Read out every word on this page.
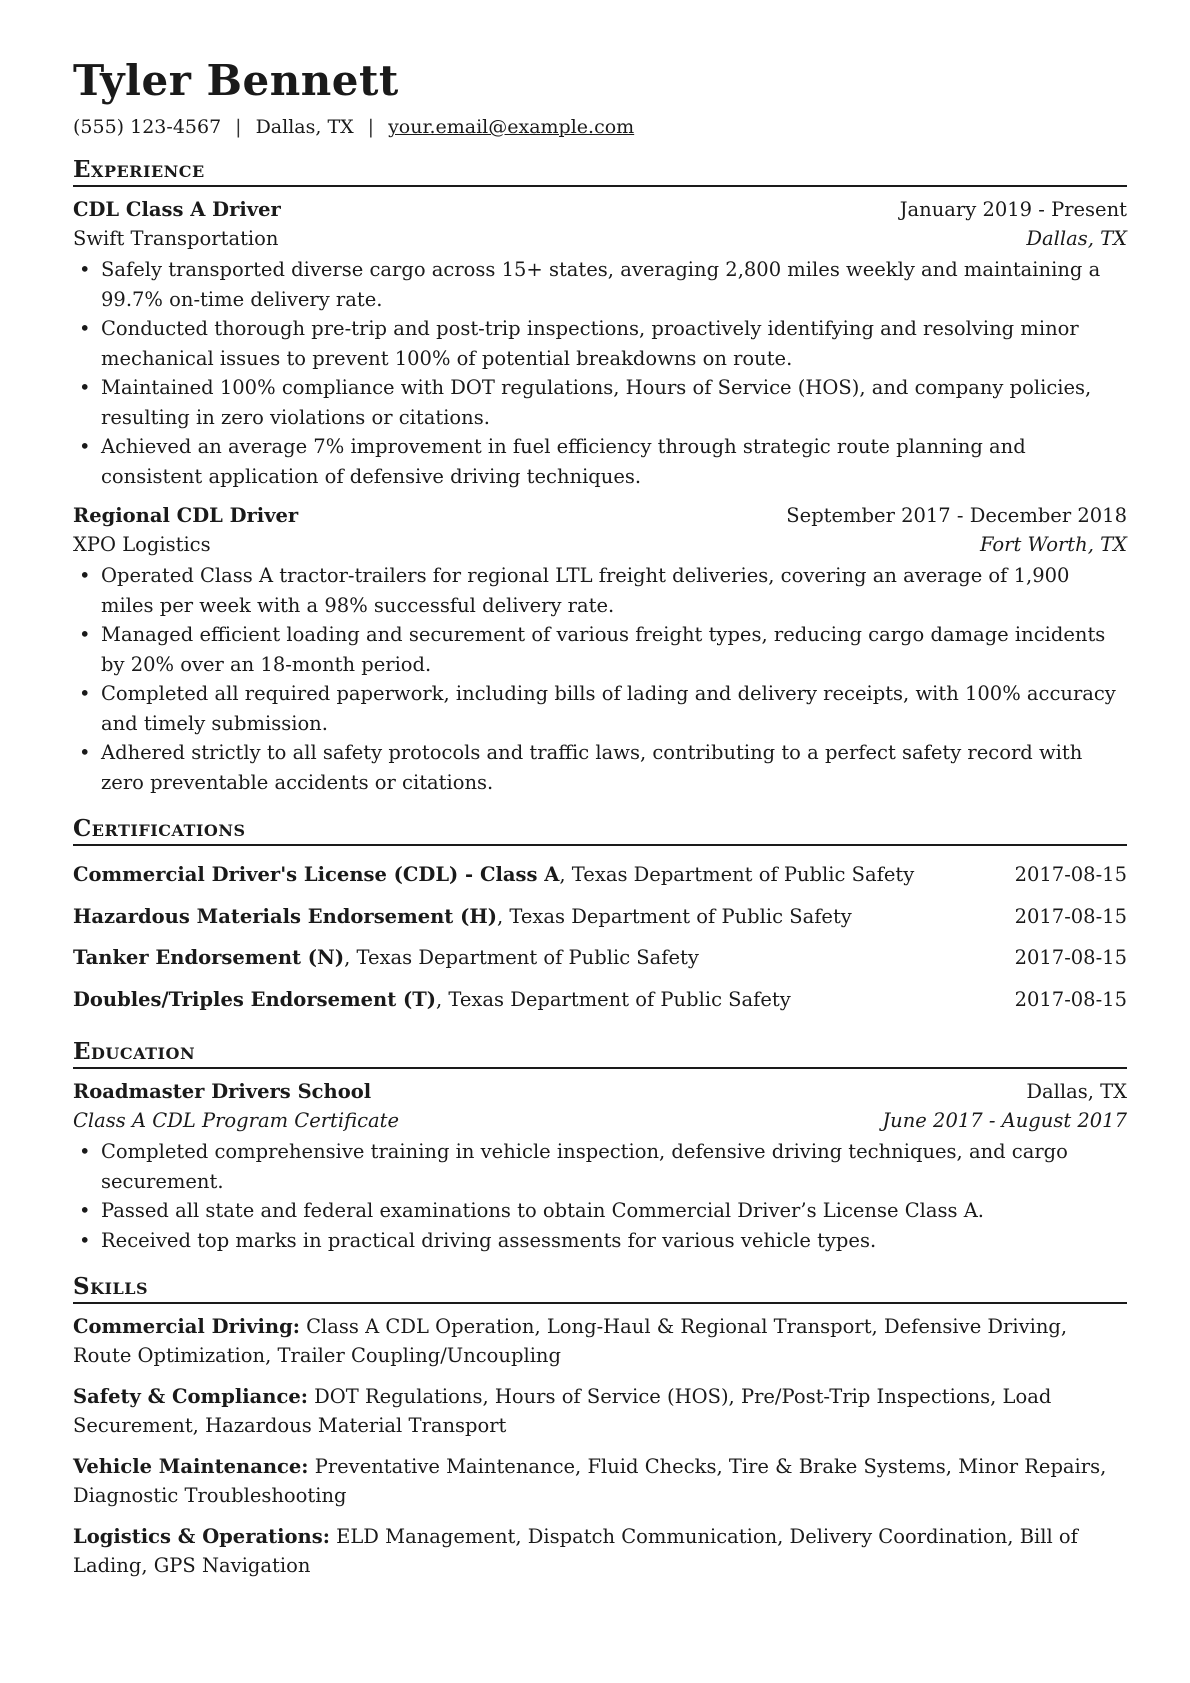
Tyler Bennett
(555) 123-4567 | Dallas, TX | your.email@example.com
Experience
CDL Class A Driver	January 2019 - Present
Swift Transportation	Dallas, TX
• Safely transported diverse cargo across 15+ states, averaging 2,800 miles weekly and maintaining a 99.7% on-time delivery rate.
• Conducted thorough pre-trip and post-trip inspections, proactively identifying and resolving minor mechanical issues to prevent 100% of potential breakdowns on route.
• Maintained 100% compliance with DOT regulations, Hours of Service (HOS), and company policies, resulting in zero violations or citations.
• Achieved an average 7% improvement in fuel efficiency through strategic route planning and consistent application of defensive driving techniques.
Regional CDL Driver	September 2017 - December 2018
XPO Logistics	Fort Worth, TX
• Operated Class A tractor-trailers for regional LTL freight deliveries, covering an average of 1,900 miles per week with a 98% successful delivery rate.
• Managed efficient loading and securement of various freight types, reducing cargo damage incidents by 20% over an 18-month period.
• Completed all required paperwork, including bills of lading and delivery receipts, with 100% accuracy and timely submission.
• Adhered strictly to all safety protocols and traffic laws, contributing to a perfect safety record with zero preventable accidents or citations.
Certifications
Commercial Driver's License (CDL) - Class A, Texas Department of Public Safety	2017-08-15
Hazardous Materials Endorsement (H), Texas Department of Public Safety	2017-08-15
Tanker Endorsement (N), Texas Department of Public Safety	2017-08-15
Doubles/Triples Endorsement (T), Texas Department of Public Safety	2017-08-15
Education
Roadmaster Drivers School	Dallas, TX
Class A CDL Program Certificate	June 2017 - August 2017
• Completed comprehensive training in vehicle inspection, defensive driving techniques, and cargo securement.
• Passed all state and federal examinations to obtain Commercial Driver’s License Class A.
• Received top marks in practical driving assessments for various vehicle types.
Skills
Commercial Driving: Class A CDL Operation, Long-Haul & Regional Transport, Defensive Driving, Route Optimization, Trailer Coupling/Uncoupling
Safety & Compliance: DOT Regulations, Hours of Service (HOS), Pre/Post-Trip Inspections, Load Securement, Hazardous Material Transport
Vehicle Maintenance: Preventative Maintenance, Fluid Checks, Tire & Brake Systems, Minor Repairs, Diagnostic Troubleshooting
Logistics & Operations: ELD Management, Dispatch Communication, Delivery Coordination, Bill of Lading, GPS Navigation
